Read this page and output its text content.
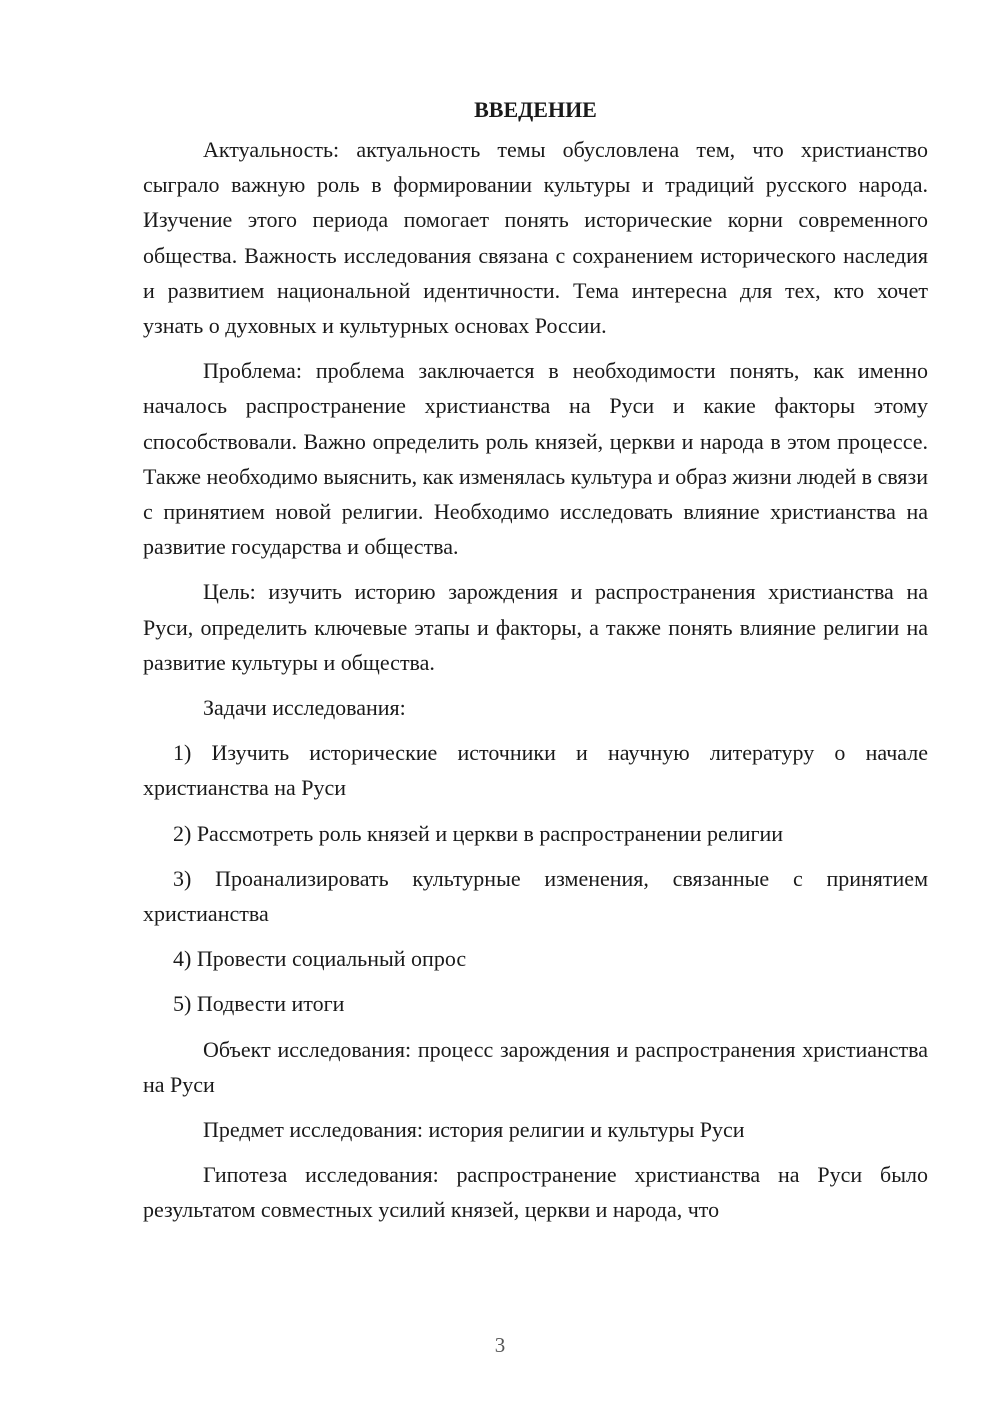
ВВЕДЕНИЕ

Актуальность: актуальность темы обусловлена тем, что христианство сыграло важную роль в формировании культуры и традиций русского народа. Изучение этого периода помогает понять исторические корни современного общества. Важность исследования связана с сохранением исторического наследия и развитием национальной идентичности. Тема интересна для тех, кто хочет узнать о духовных и культурных основах России.

Проблема: проблема заключается в необходимости понять, как именно началось распространение христианства на Руси и какие факторы этому способствовали. Важно определить роль князей, церкви и народа в этом процессе. Также необходимо выяснить, как изменялась культура и образ жизни людей в связи с принятием новой религии. Необходимо исследовать влияние христианства на развитие государства и общества.

Цель: изучить историю зарождения и распространения христианства на Руси, определить ключевые этапы и факторы, а также понять влияние религии на развитие культуры и общества.

Задачи исследования:

1) Изучить исторические источники и научную литературу о начале христианства на Руси

2) Рассмотреть роль князей и церкви в распространении религии

3) Проанализировать культурные изменения, связанные с принятием христианства

4) Провести социальный опрос

5) Подвести итоги

Объект исследования: процесс зарождения и распространения христианства на Руси

Предмет исследования: история религии и культуры Руси

Гипотеза исследования: распространение христианства на Руси было результатом совместных усилий князей, церкви и народа, что

3
